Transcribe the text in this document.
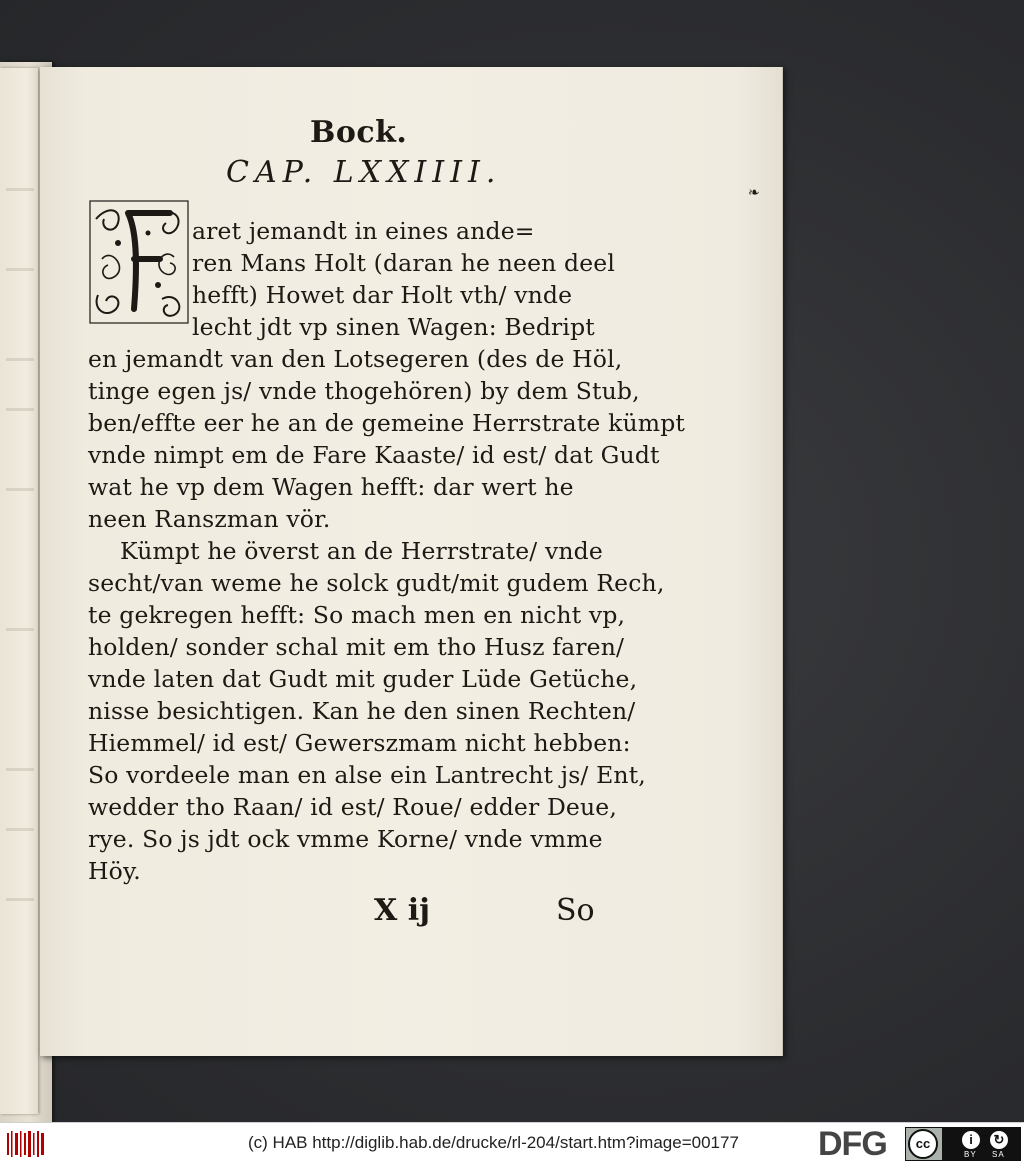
Bock.
CAP. LXXIIII.
❧
aret jemandt in eines ande=
ren Mans Holt (daran he neen deel
hefft) Howet dar Holt vth/ vnde
lecht jdt vp sinen Wagen: Bedript
en jemandt van den Lotsegeren (des de Höl,
tinge egen js/ vnde thogehören) by dem Stub,
ben/effte eer he an de gemeine Herrstrate kümpt
vnde nimpt em de Fare Kaaste/ id est/ dat Gudt
wat he vp dem Wagen hefft: dar wert he
neen Ranszman vör.
Kümpt he överst an de Herrstrate/ vnde
secht/van weme he solck gudt/mit gudem Rech,
te gekregen hefft: So mach men en nicht vp,
holden/ sonder schal mit em tho Husz faren/
vnde laten dat Gudt mit guder Lüde Getüche,
nisse besichtigen. Kan he den sinen Rechten/
Hiemmel/ id est/ Gewerszmam nicht hebben:
So vordeele man en alse ein Lantrecht js/ Ent,
wedder tho Raan/ id est/ Roue/ edder Deue,
rye. So js jdt ock vmme Korne/ vnde vmme
Höy.
X ij	So
(c) HAB http://diglib.hab.de/drucke/rl-204/start.htm?image=00177 DFG	cc	i	↻
BY SA
